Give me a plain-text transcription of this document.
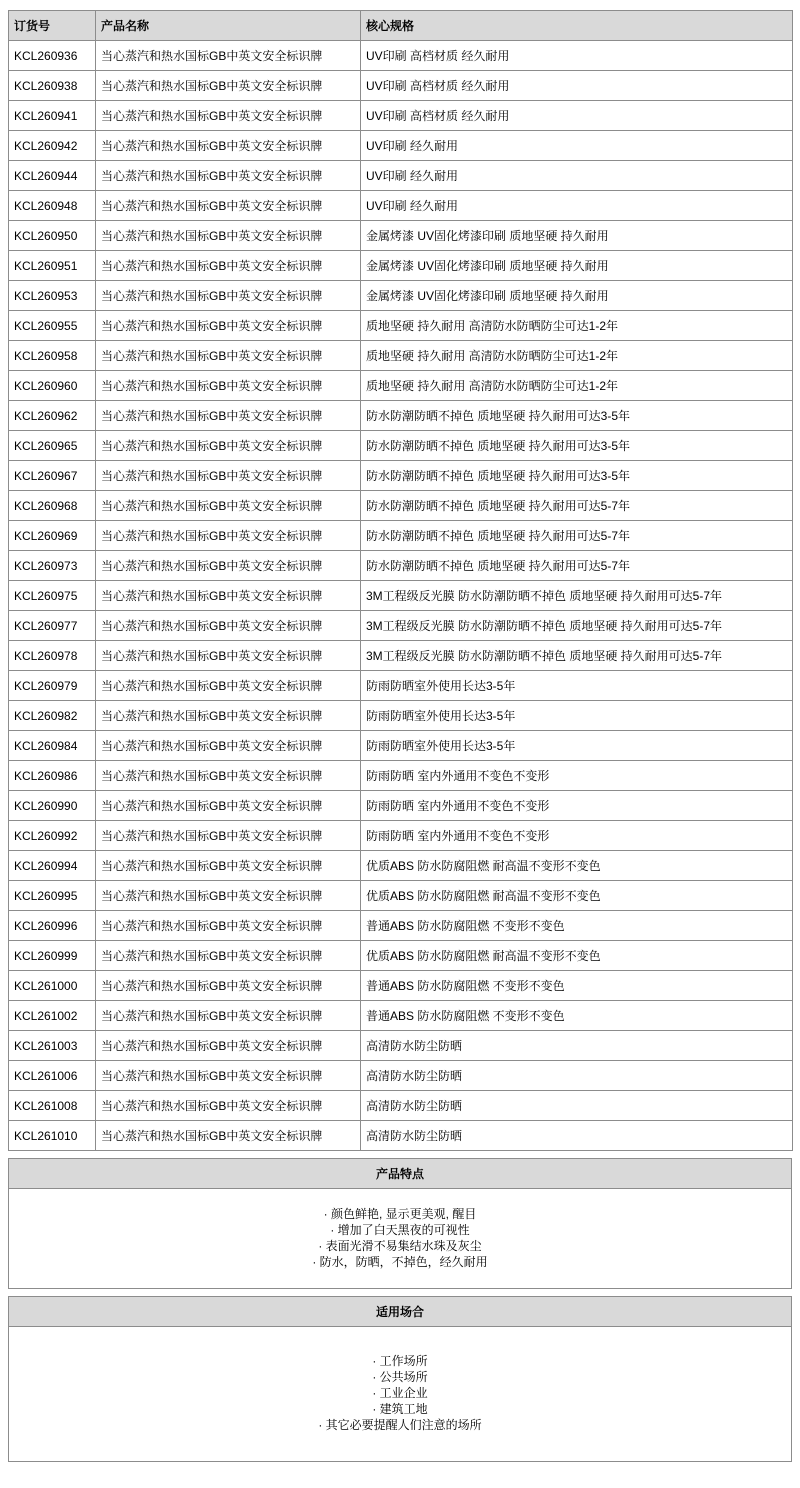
订货号	产品名称	核心规格
KCL260936	当心蒸汽和热水国标GB中英文安全标识牌	UV印刷 高档材质 经久耐用
KCL260938	当心蒸汽和热水国标GB中英文安全标识牌	UV印刷 高档材质 经久耐用
KCL260941	当心蒸汽和热水国标GB中英文安全标识牌	UV印刷 高档材质 经久耐用
KCL260942	当心蒸汽和热水国标GB中英文安全标识牌	UV印刷 经久耐用
KCL260944	当心蒸汽和热水国标GB中英文安全标识牌	UV印刷 经久耐用
KCL260948	当心蒸汽和热水国标GB中英文安全标识牌	UV印刷 经久耐用
KCL260950	当心蒸汽和热水国标GB中英文安全标识牌	金属烤漆 UV固化烤漆印刷 质地坚硬 持久耐用
KCL260951	当心蒸汽和热水国标GB中英文安全标识牌	金属烤漆 UV固化烤漆印刷 质地坚硬 持久耐用
KCL260953	当心蒸汽和热水国标GB中英文安全标识牌	金属烤漆 UV固化烤漆印刷 质地坚硬 持久耐用
KCL260955	当心蒸汽和热水国标GB中英文安全标识牌	质地坚硬 持久耐用 高清防水防晒防尘可达1-2年
KCL260958	当心蒸汽和热水国标GB中英文安全标识牌	质地坚硬 持久耐用 高清防水防晒防尘可达1-2年
KCL260960	当心蒸汽和热水国标GB中英文安全标识牌	质地坚硬 持久耐用 高清防水防晒防尘可达1-2年
KCL260962	当心蒸汽和热水国标GB中英文安全标识牌	防水防潮防晒不掉色 质地坚硬 持久耐用可达3-5年
KCL260965	当心蒸汽和热水国标GB中英文安全标识牌	防水防潮防晒不掉色 质地坚硬 持久耐用可达3-5年
KCL260967	当心蒸汽和热水国标GB中英文安全标识牌	防水防潮防晒不掉色 质地坚硬 持久耐用可达3-5年
KCL260968	当心蒸汽和热水国标GB中英文安全标识牌	防水防潮防晒不掉色 质地坚硬 持久耐用可达5-7年
KCL260969	当心蒸汽和热水国标GB中英文安全标识牌	防水防潮防晒不掉色 质地坚硬 持久耐用可达5-7年
KCL260973	当心蒸汽和热水国标GB中英文安全标识牌	防水防潮防晒不掉色 质地坚硬 持久耐用可达5-7年
KCL260975	当心蒸汽和热水国标GB中英文安全标识牌	3M工程级反光膜 防水防潮防晒不掉色 质地坚硬 持久耐用可达5-7年
KCL260977	当心蒸汽和热水国标GB中英文安全标识牌	3M工程级反光膜 防水防潮防晒不掉色 质地坚硬 持久耐用可达5-7年
KCL260978	当心蒸汽和热水国标GB中英文安全标识牌	3M工程级反光膜 防水防潮防晒不掉色 质地坚硬 持久耐用可达5-7年
KCL260979	当心蒸汽和热水国标GB中英文安全标识牌	防雨防晒室外使用长达3-5年
KCL260982	当心蒸汽和热水国标GB中英文安全标识牌	防雨防晒室外使用长达3-5年
KCL260984	当心蒸汽和热水国标GB中英文安全标识牌	防雨防晒室外使用长达3-5年
KCL260986	当心蒸汽和热水国标GB中英文安全标识牌	防雨防晒 室内外通用不变色不变形
KCL260990	当心蒸汽和热水国标GB中英文安全标识牌	防雨防晒 室内外通用不变色不变形
KCL260992	当心蒸汽和热水国标GB中英文安全标识牌	防雨防晒 室内外通用不变色不变形
KCL260994	当心蒸汽和热水国标GB中英文安全标识牌	优质ABS 防水防腐阻燃 耐高温不变形不变色
KCL260995	当心蒸汽和热水国标GB中英文安全标识牌	优质ABS 防水防腐阻燃 耐高温不变形不变色
KCL260996	当心蒸汽和热水国标GB中英文安全标识牌	普通ABS 防水防腐阻燃 不变形不变色
KCL260999	当心蒸汽和热水国标GB中英文安全标识牌	优质ABS 防水防腐阻燃 耐高温不变形不变色
KCL261000	当心蒸汽和热水国标GB中英文安全标识牌	普通ABS 防水防腐阻燃 不变形不变色
KCL261002	当心蒸汽和热水国标GB中英文安全标识牌	普通ABS 防水防腐阻燃 不变形不变色
KCL261003	当心蒸汽和热水国标GB中英文安全标识牌	高清防水防尘防晒
KCL261006	当心蒸汽和热水国标GB中英文安全标识牌	高清防水防尘防晒
KCL261008	当心蒸汽和热水国标GB中英文安全标识牌	高清防水防尘防晒
KCL261010	当心蒸汽和热水国标GB中英文安全标识牌	高清防水防尘防晒
产品特点
· 颜色鲜艳, 显示更美观, 醒目
· 增加了白天黑夜的可视性
· 表面光滑不易集结水珠及灰尘
· 防水，防晒，不掉色，经久耐用
适用场合
· 工作场所
· 公共场所
· 工业企业
· 建筑工地
· 其它必要提醒人们注意的场所
